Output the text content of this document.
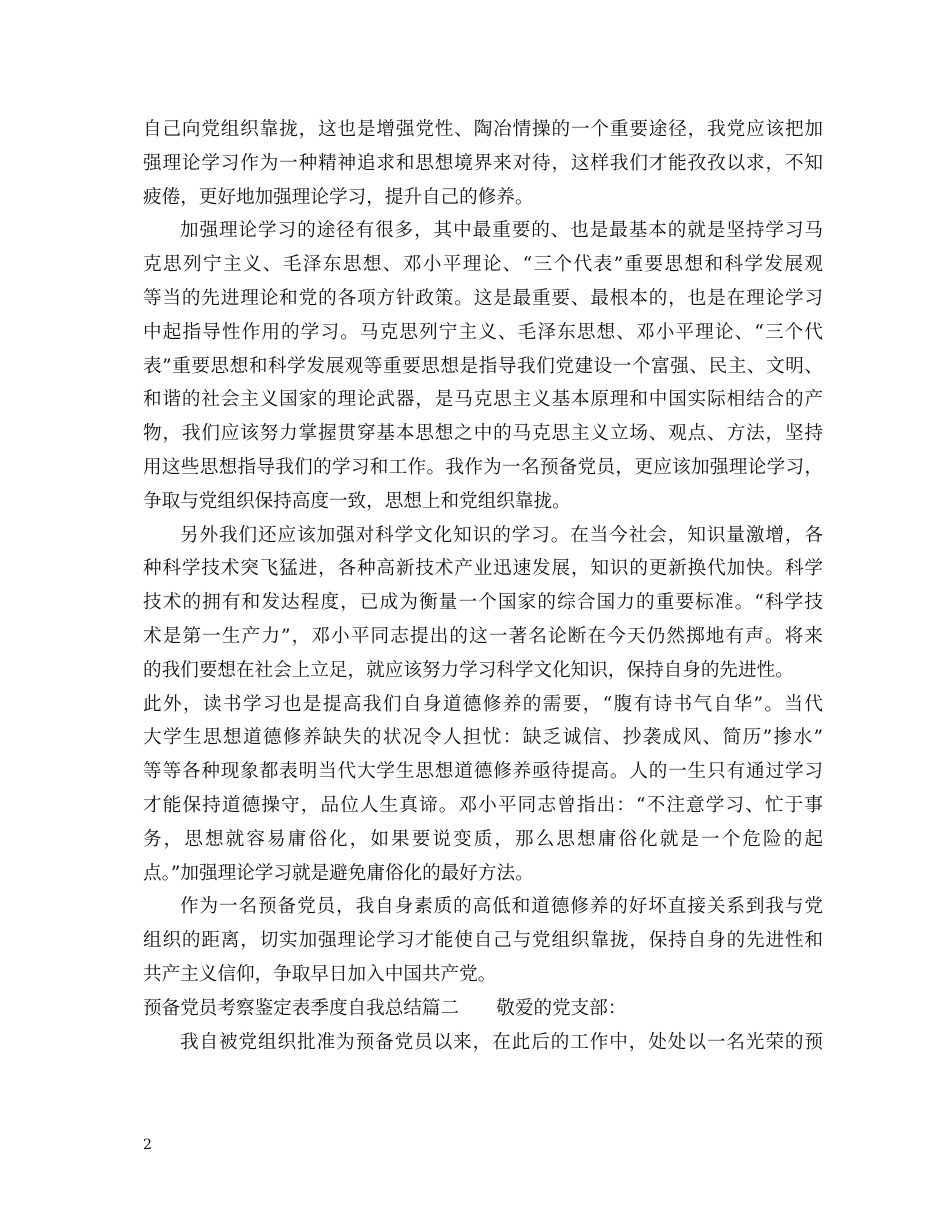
自己向党组织靠拢，这也是增强党性、陶冶情操的一个重要途径，我党应该把加
强理论学习作为一种精神追求和思想境界来对待，这样我们才能孜孜以求，不知
疲倦，更好地加强理论学习，提升自己的修养。
加强理论学习的途径有很多，其中最重要的、也是最基本的就是坚持学习马
克思列宁主义、毛泽东思想、邓小平理论、“三个代表”重要思想和科学发展观
等当的先进理论和党的各项方针政策。这是最重要、最根本的，也是在理论学习
中起指导性作用的学习。马克思列宁主义、毛泽东思想、邓小平理论、“三个代
表”重要思想和科学发展观等重要思想是指导我们党建设一个富强、民主、文明、
和谐的社会主义国家的理论武器，是马克思主义基本原理和中国实际相结合的产
物，我们应该努力掌握贯穿基本思想之中的马克思主义立场、观点、方法，坚持
用这些思想指导我们的学习和工作。我作为一名预备党员，更应该加强理论学习，
争取与党组织保持高度一致，思想上和党组织靠拢。
另外我们还应该加强对科学文化知识的学习。在当今社会，知识量激增，各
种科学技术突飞猛进，各种高新技术产业迅速发展，知识的更新换代加快。科学
技术的拥有和发达程度，已成为衡量一个国家的综合国力的重要标准。“科学技
术是第一生产力”，邓小平同志提出的这一著名论断在今天仍然掷地有声。将来
的我们要想在社会上立足，就应该努力学习科学文化知识，保持自身的先进性。
此外，读书学习也是提高我们自身道德修养的需要，“腹有诗书气自华”。当代
大学生思想道德修养缺失的状况令人担忧：缺乏诚信、抄袭成风、简历”掺水”
等等各种现象都表明当代大学生思想道德修养亟待提高。人的一生只有通过学习
才能保持道德操守，品位人生真谛。邓小平同志曾指出：“不注意学习、忙于事
务，思想就容易庸俗化，如果要说变质，那么思想庸俗化就是一个危险的起
点。”加强理论学习就是避免庸俗化的最好方法。
作为一名预备党员，我自身素质的高低和道德修养的好坏直接关系到我与党
组织的距离，切实加强理论学习才能使自己与党组织靠拢，保持自身的先进性和
共产主义信仰，争取早日加入中国共产党。
预备党员考察鉴定表季度自我总结篇二　　敬爱的党支部：
我自被党组织批准为预备党员以来，在此后的工作中，处处以一名光荣的预
2
